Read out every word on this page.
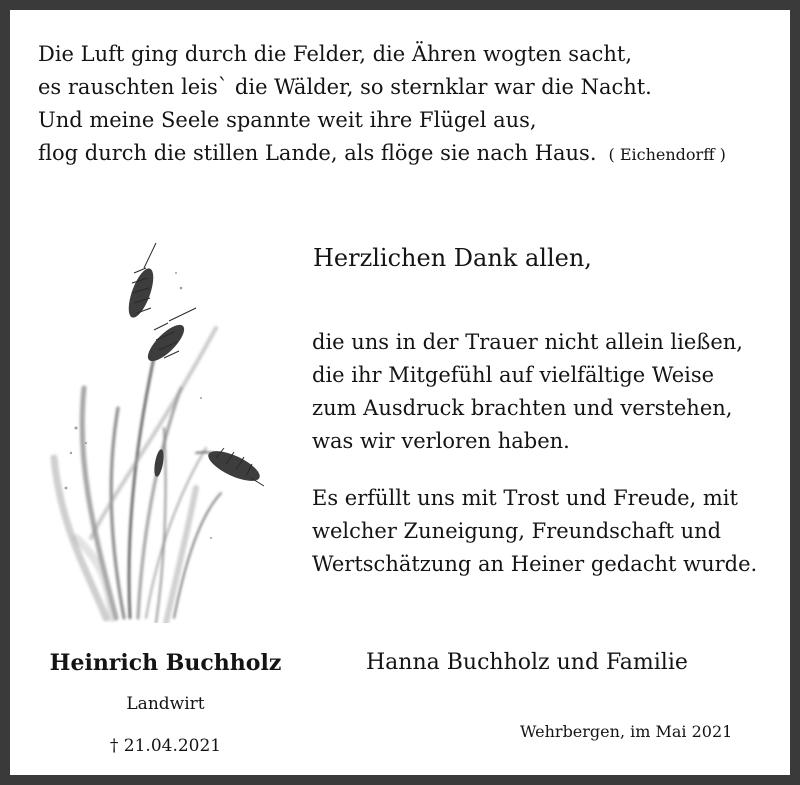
Die Luft ging durch die Felder, die Ähren wogten sacht,
es rauschten leis` die Wälder, so sternklar war die Nacht.
Und meine Seele spannte weit ihre Flügel aus,
flog durch die stillen Lande, als flöge sie nach Haus. ( Eichendorff )
Herzlichen Dank allen,
die uns in der Trauer nicht allein ließen,
die ihr Mitgefühl auf vielfältige Weise
zum Ausdruck brachten und verstehen,
was wir verloren haben.
Es erfüllt uns mit Trost und Freude, mit
welcher Zuneigung, Freundschaft und
Wertschätzung an Heiner gedacht wurde.
Heinrich Buchholz
Landwirt
† 21.04.2021
Hanna Buchholz und Familie
Wehrbergen, im Mai 2021
